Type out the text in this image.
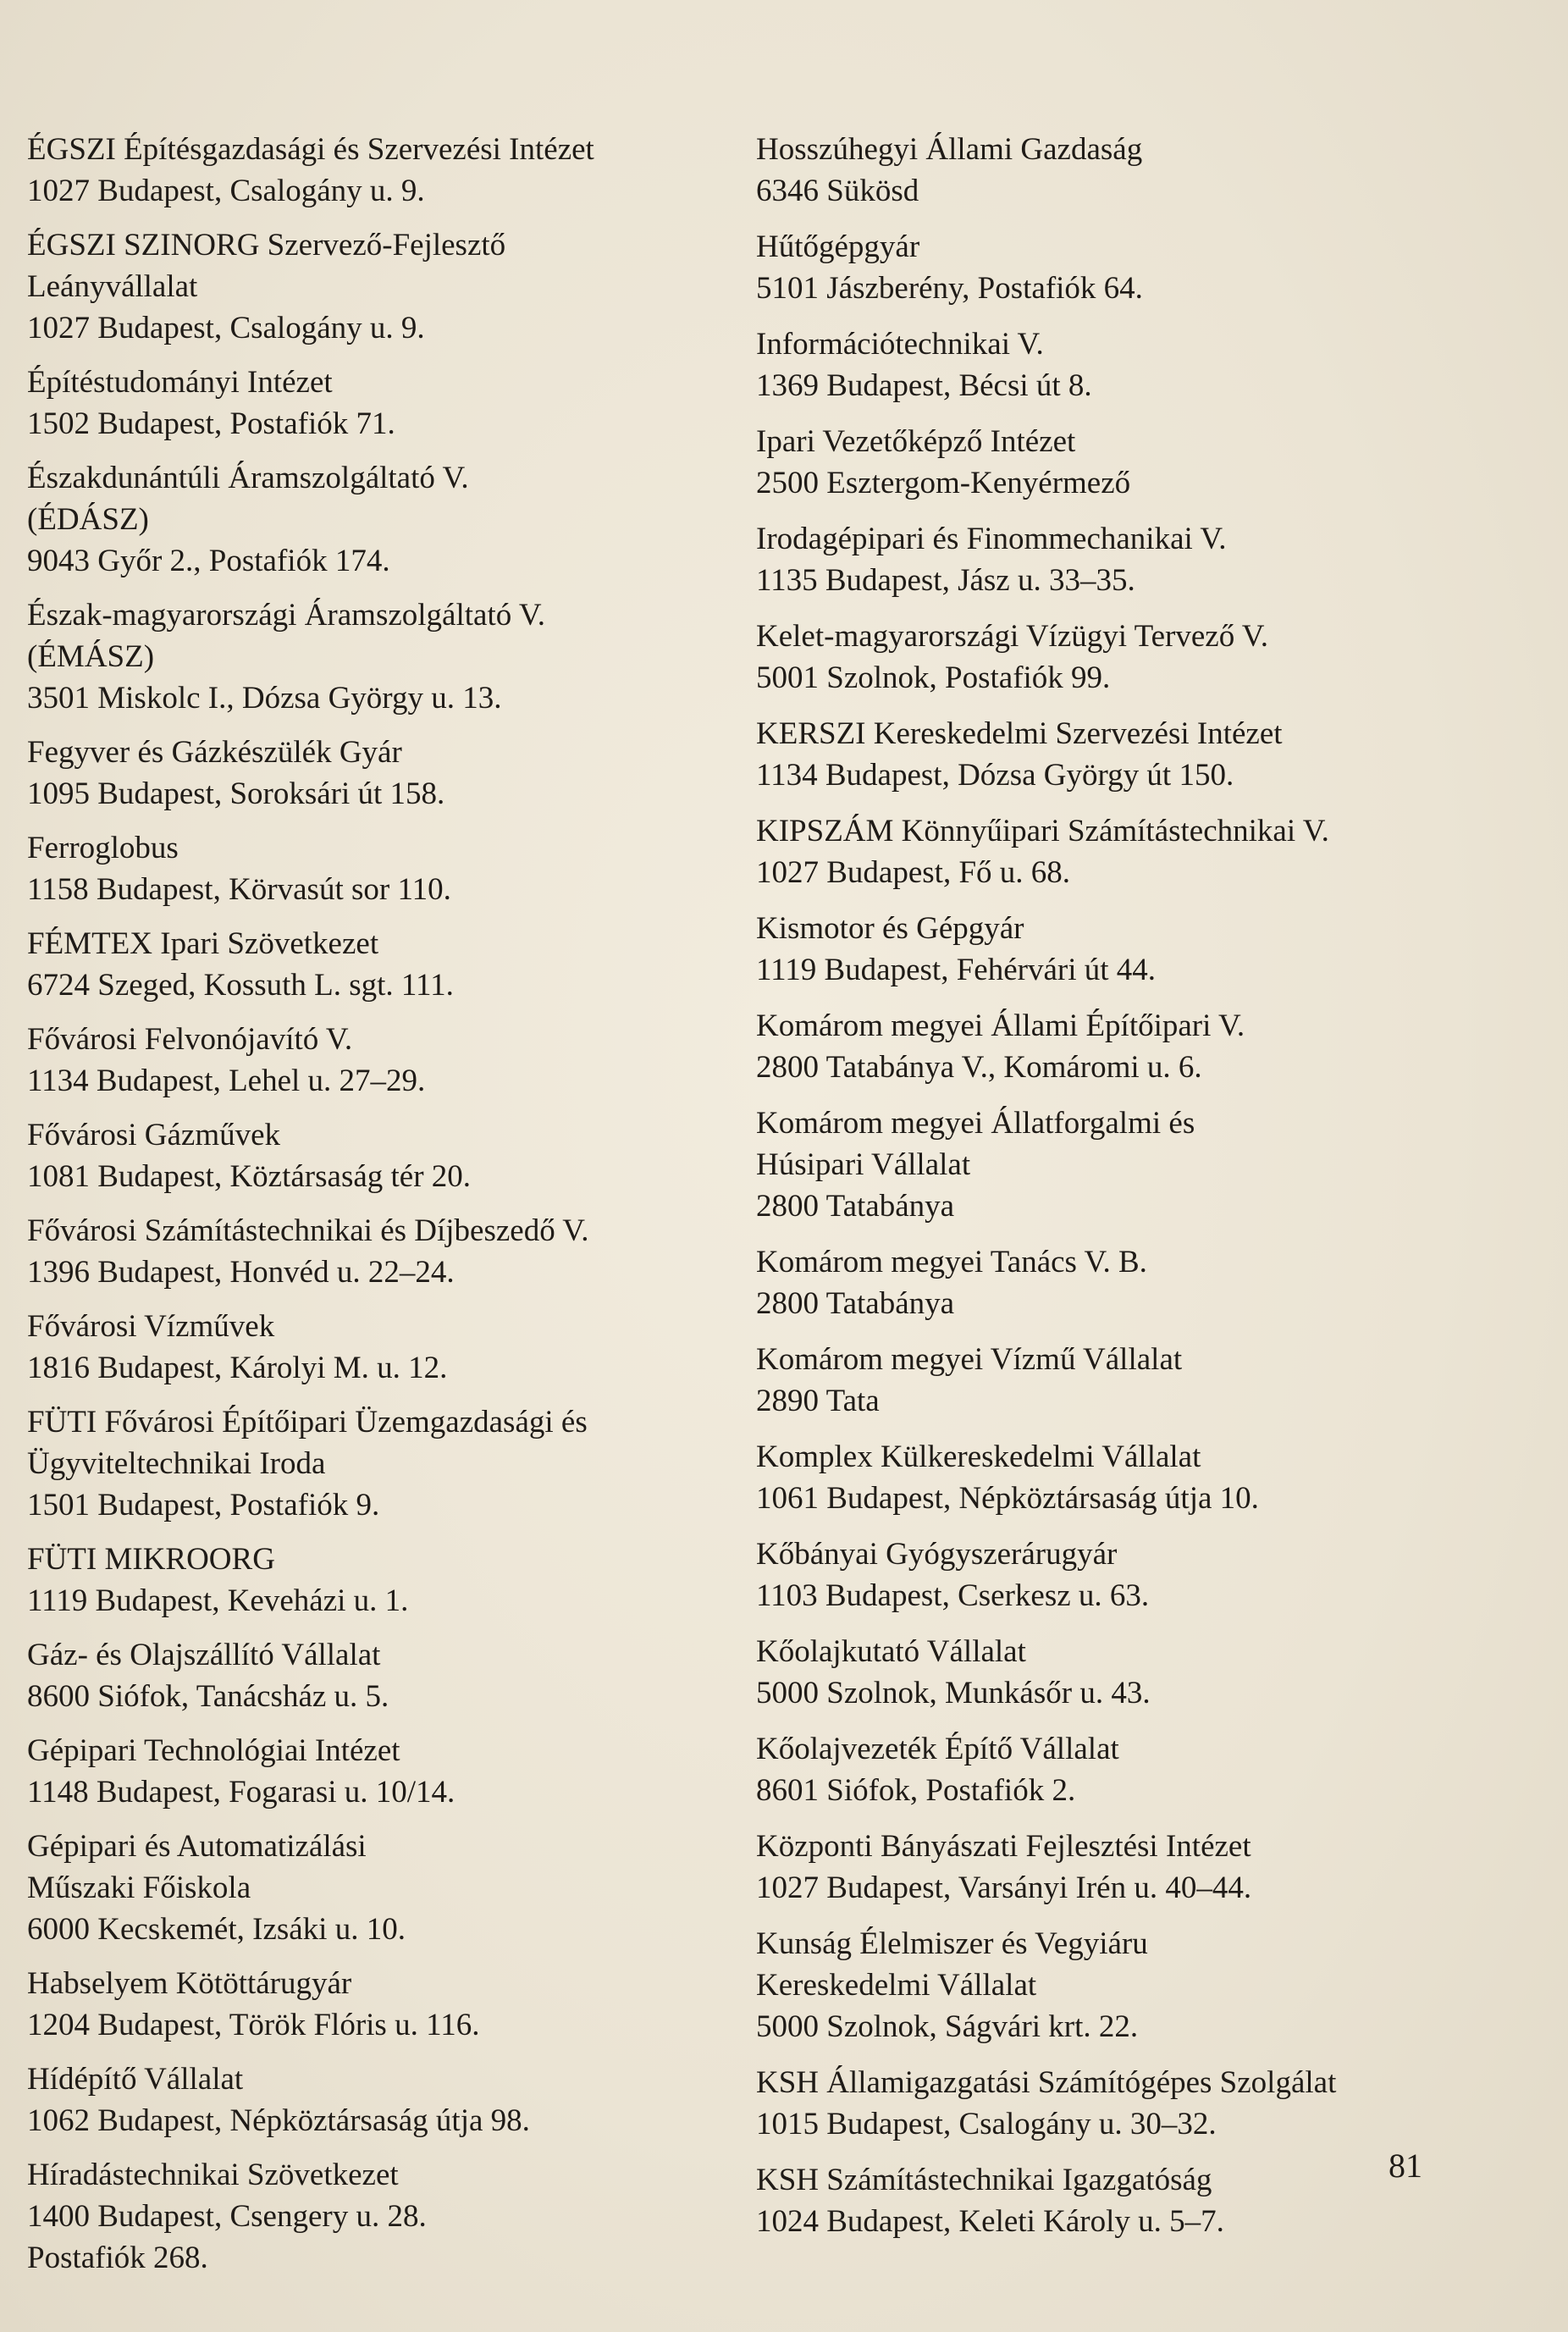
ÉGSZI Építésgazdasági és Szervezési Intézet
1027 Budapest, Csalogány u. 9.
ÉGSZI SZINORG Szervező-Fejlesztő
Leányvállalat
1027 Budapest, Csalogány u. 9.
Építéstudományi Intézet
1502 Budapest, Postafiók 71.
Északdunántúli Áramszolgáltató V.
(ÉDÁSZ)
9043 Győr 2., Postafiók 174.
Észak-magyarországi Áramszolgáltató V.
(ÉMÁSZ)
3501 Miskolc I., Dózsa György u. 13.
Fegyver és Gázkészülék Gyár
1095 Budapest, Soroksári út 158.
Ferroglobus
1158 Budapest, Körvasút sor 110.
FÉMTEX Ipari Szövetkezet
6724 Szeged, Kossuth L. sgt. 111.
Fővárosi Felvonójavító V.
1134 Budapest, Lehel u. 27–29.
Fővárosi Gázművek
1081 Budapest, Köztársaság tér 20.
Fővárosi Számítástechnikai és Díjbeszedő V.
1396 Budapest, Honvéd u. 22–24.
Fővárosi Vízművek
1816 Budapest, Károlyi M. u. 12.
FÜTI Fővárosi Építőipari Üzemgazdasági és
Ügyviteltechnikai Iroda
1501 Budapest, Postafiók 9.
FÜTI MIKROORG
1119 Budapest, Keveházi u. 1.
Gáz- és Olajszállító Vállalat
8600 Siófok, Tanácsház u. 5.
Gépipari Technológiai Intézet
1148 Budapest, Fogarasi u. 10/14.
Gépipari és Automatizálási
Műszaki Főiskola
6000 Kecskemét, Izsáki u. 10.
Habselyem Kötöttárugyár
1204 Budapest, Török Flóris u. 116.
Hídépítő Vállalat
1062 Budapest, Népköztársaság útja 98.
Híradástechnikai Szövetkezet
1400 Budapest, Csengery u. 28.
Postafiók 268.
Hosszúhegyi Állami Gazdaság
6346 Sükösd
Hűtőgépgyár
5101 Jászberény, Postafiók 64.
Információtechnikai V.
1369 Budapest, Bécsi út 8.
Ipari Vezetőképző Intézet
2500 Esztergom-Kenyérmező
Irodagépipari és Finommechanikai V.
1135 Budapest, Jász u. 33–35.
Kelet-magyarországi Vízügyi Tervező V.
5001 Szolnok, Postafiók 99.
KERSZI Kereskedelmi Szervezési Intézet
1134 Budapest, Dózsa György út 150.
KIPSZÁM Könnyűipari Számítástechnikai V.
1027 Budapest, Fő u. 68.
Kismotor és Gépgyár
1119 Budapest, Fehérvári út 44.
Komárom megyei Állami Építőipari V.
2800 Tatabánya V., Komáromi u. 6.
Komárom megyei Állatforgalmi és
Húsipari Vállalat
2800 Tatabánya
Komárom megyei Tanács V. B.
2800 Tatabánya
Komárom megyei Vízmű Vállalat
2890 Tata
Komplex Külkereskedelmi Vállalat
1061 Budapest, Népköztársaság útja 10.
Kőbányai Gyógyszerárugyár
1103 Budapest, Cserkesz u. 63.
Kőolajkutató Vállalat
5000 Szolnok, Munkásőr u. 43.
Kőolajvezeték Építő Vállalat
8601 Siófok, Postafiók 2.
Központi Bányászati Fejlesztési Intézet
1027 Budapest, Varsányi Irén u. 40–44.
Kunság Élelmiszer és Vegyiáru
Kereskedelmi Vállalat
5000 Szolnok, Ságvári krt. 22.
KSH Államigazgatási Számítógépes Szolgálat
1015 Budapest, Csalogány u. 30–32.
KSH Számítástechnikai Igazgatóság
1024 Budapest, Keleti Károly u. 5–7.
81
